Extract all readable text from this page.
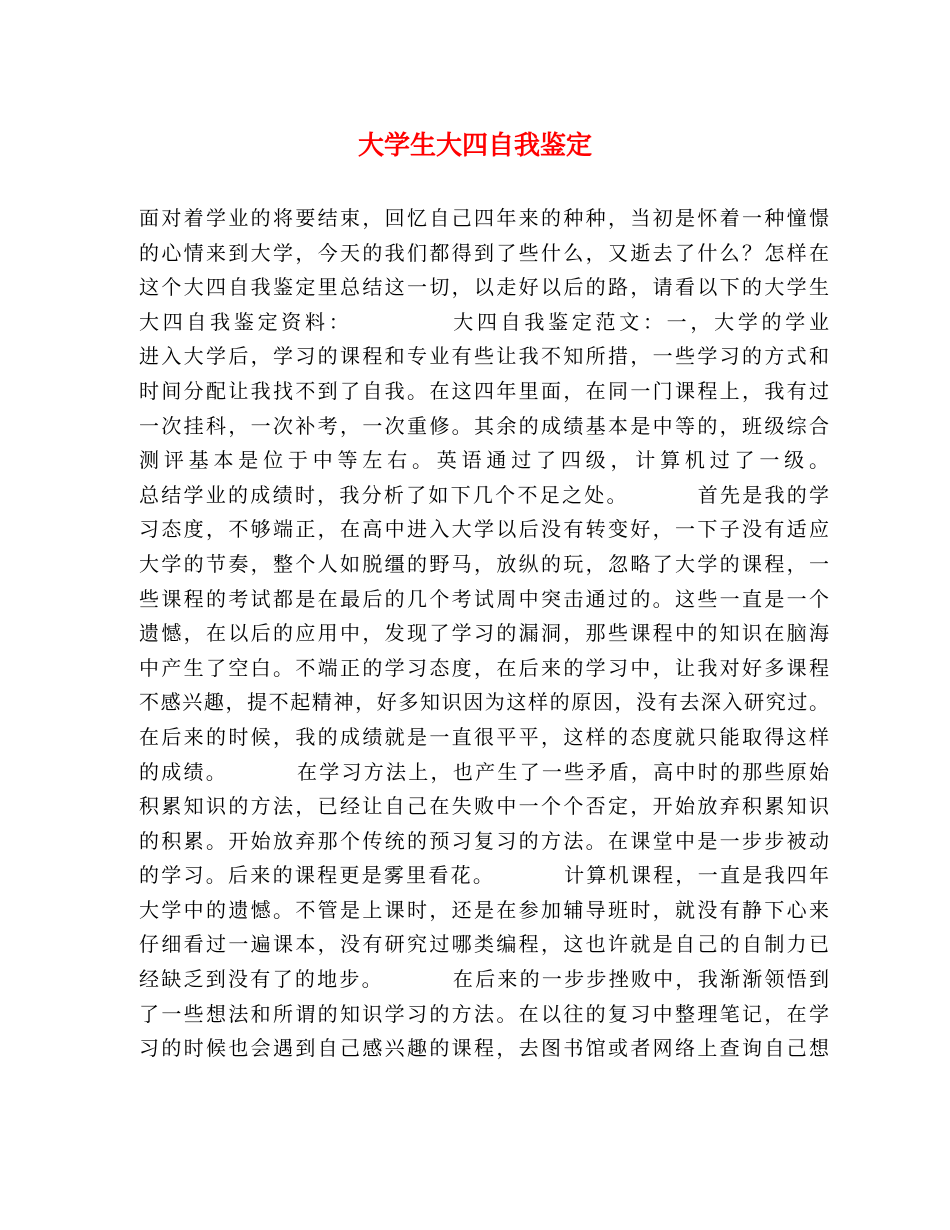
大学生大四自我鉴定
面对着学业的将要结束，回忆自己四年来的种种，当初是怀着一种憧憬
的心情来到大学，今天的我们都得到了些什么，又逝去了什么？怎样在
这个大四自我鉴定里总结这一切，以走好以后的路，请看以下的大学生
大四自我鉴定资料：          大四自我鉴定范文：一，大学的学业
进入大学后，学习的课程和专业有些让我不知所措，一些学习的方式和
时间分配让我找不到了自我。在这四年里面，在同一门课程上，我有过
一次挂科，一次补考，一次重修。其余的成绩基本是中等的，班级综合
测评基本是位于中等左右。英语通过了四级，计算机过了一级。
总结学业的成绩时，我分析了如下几个不足之处。        首先是我的学
习态度，不够端正，在高中进入大学以后没有转变好，一下子没有适应
大学的节奏，整个人如脱缰的野马，放纵的玩，忽略了大学的课程，一
些课程的考试都是在最后的几个考试周中突击通过的。这些一直是一个
遗憾，在以后的应用中，发现了学习的漏洞，那些课程中的知识在脑海
中产生了空白。不端正的学习态度，在后来的学习中，让我对好多课程
不感兴趣，提不起精神，好多知识因为这样的原因，没有去深入研究过。
在后来的时候，我的成绩就是一直很平平，这样的态度就只能取得这样
的成绩。        在学习方法上，也产生了一些矛盾，高中时的那些原始
积累知识的方法，已经让自己在失败中一个个否定，开始放弃积累知识
的积累。开始放弃那个传统的预习复习的方法。在课堂中是一步步被动
的学习。后来的课程更是雾里看花。        计算机课程，一直是我四年
大学中的遗憾。不管是上课时，还是在参加辅导班时，就没有静下心来
仔细看过一遍课本，没有研究过哪类编程，这也许就是自己的自制力已
经缺乏到没有了的地步。        在后来的一步步挫败中，我渐渐领悟到
了一些想法和所谓的知识学习的方法。在以往的复习中整理笔记，在学
习的时候也会遇到自己感兴趣的课程，去图书馆或者网络上查询自己想
